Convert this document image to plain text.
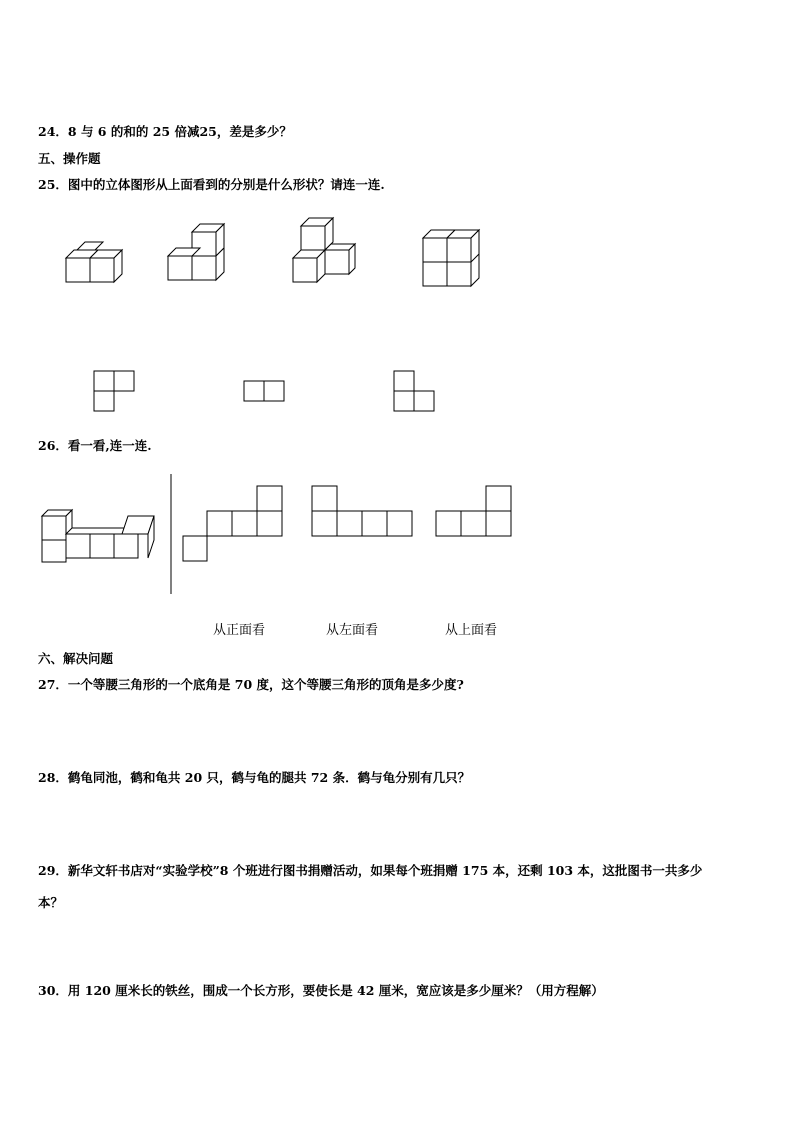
24．8 与 6 的和的 25 倍减25，差是多少？
五、操作题
25．图中的立体图形从上面看到的分别是什么形状？请连一连.
26．看一看,连一连.
从正面看	从左面看	从上面看
六、解决问题
27．一个等腰三角形的一个底角是 70 度，这个等腰三角形的顶角是多少度?
28．鹤龟同池，鹤和龟共 20 只，鹤与龟的腿共 72 条．鹤与龟分别有几只？
29．新华文轩书店对“实验学校”8 个班进行图书捐赠活动，如果每个班捐赠 175 本，还剩 103 本，这批图书一共多少
本？
30．用 120 厘米长的铁丝，围成一个长方形，要使长是 42 厘米，宽应该是多少厘米？（用方程解）
